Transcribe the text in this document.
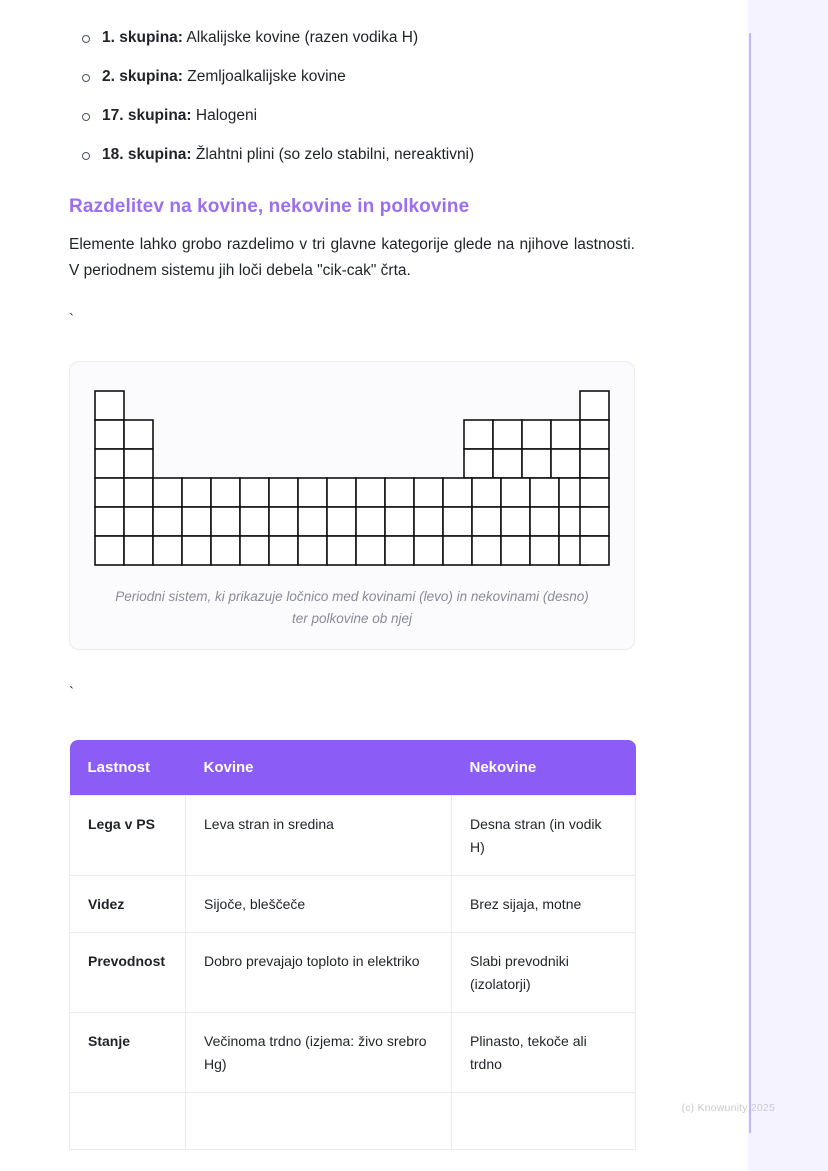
1. skupina: Alkalijske kovine (razen vodika H)
2. skupina: Zemljoalkalijske kovine
17. skupina: Halogeni
18. skupina: Žlahtni plini (so zelo stabilni, nereaktivni)
Razdelitev na kovine, nekovine in polkovine

Elemente lahko grobo razdelimo v tri glavne kategorije glede na njihove lastnosti. V periodnem sistemu jih loči debela "cik-cak" črta.

`
Periodni sistem, ki prikazuje ločnico med kovinami (levo) in nekovinami (desno) ter polkovine ob njej
`
Lastnost	Kovine	Nekovine
Lega v PS	Leva stran in sredina	Desna stran (in vodik H)
Videz	Sijoče, bleščeče	Brez sijaja, motne
Prevodnost	Dobro prevajajo toploto in elektriko	Slabi prevodniki (izolatorji)
Stanje	Večinoma trdno (izjema: živo srebro Hg)	Plinasto, tekoče ali trdno

(c) Knowunity 2025
